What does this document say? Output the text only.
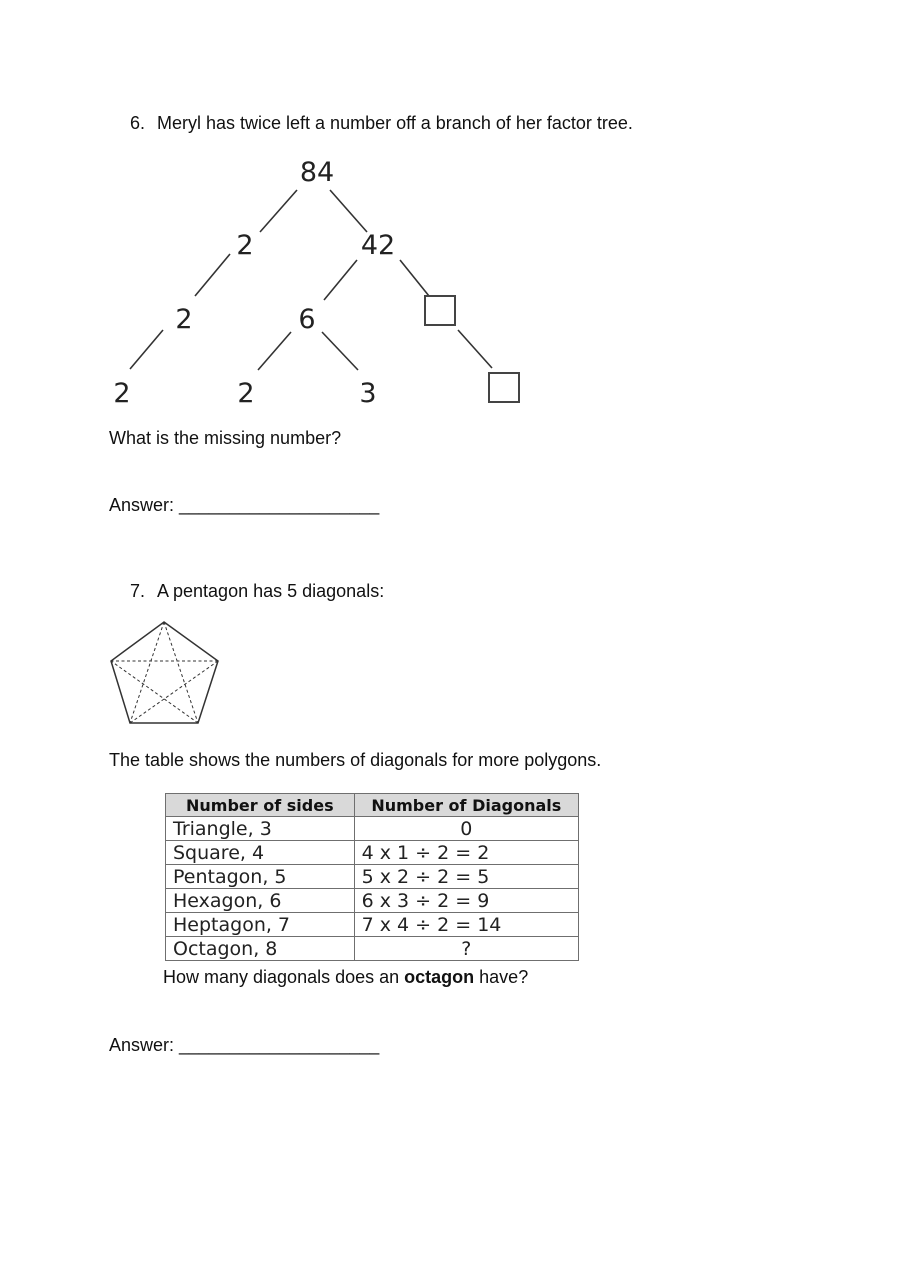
6. Meryl has twice left a number off a branch of her factor tree.
84
2	42
2	6
2	2	3
What is the missing number?
Answer: ____________________
7. A pentagon has 5 diagonals:
The table shows the numbers of diagonals for more polygons.
Number of sides	Number of Diagonals
Triangle, 3	0
Square, 4	4 x 1 ÷ 2 = 2
Pentagon, 5	5 x 2 ÷ 2 = 5
Hexagon, 6	6 x 3 ÷ 2 = 9
Heptagon, 7	7 x 4 ÷ 2 = 14
Octagon, 8	?
How many diagonals does an octagon have?
Answer: ____________________
